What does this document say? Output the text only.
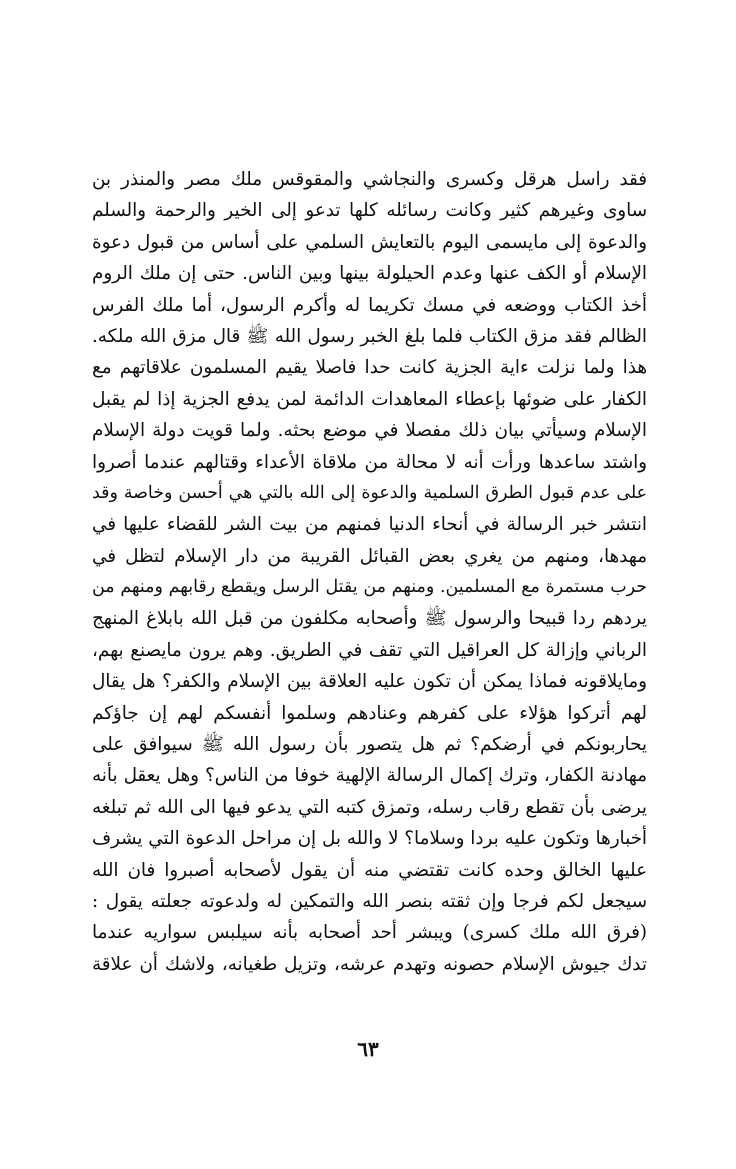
فقد راسل هرقل وكسرى والنجاشي والمقوقس ملك مصر والمنذر بن
ساوى وغيرهم كثير وكانت رسائله كلها تدعو إلى الخير والرحمة والسلم
والدعوة إلى مايسمى اليوم بالتعايش السلمي على أساس من قبول دعوة
الإسلام أو الكف عنها وعدم الحيلولة بينها وبين الناس. حتى إن ملك الروم
أخذ الكتاب ووضعه في مسك تكريما له وأكرم الرسول، أما ملك الفرس
الظالم فقد مزق الكتاب فلما بلغ الخبر رسول الله ﷺ قال مزق الله ملكه.
هذا ولما نزلت ءاية الجزية كانت حدا فاصلا يقيم المسلمون علاقاتهم مع
الكفار على ضوئها بإعطاء المعاهدات الدائمة لمن يدفع الجزية إذا لم يقبل
الإسلام وسيأتي بيان ذلك مفصلا في موضع بحثه. ولما قويت دولة الإسلام
واشتد ساعدها ورأت أنه لا محالة من ملاقاة الأعداء وقتالهم عندما أصروا
على عدم قبول الطرق السلمية والدعوة إلى الله بالتي هي أحسن وخاصة وقد
انتشر خبر الرسالة في أنحاء الدنيا فمنهم من بيت الشر للقضاء عليها في
مهدها، ومنهم من يغري بعض القبائل القريبة من دار الإسلام لتظل في
حرب مستمرة مع المسلمين. ومنهم من يقتل الرسل ويقطع رقابهم ومنهم من
يردهم ردا قبيحا والرسول ﷺ وأصحابه مكلفون من قبل الله بابلاغ المنهج
الرباني وإزالة كل العراقيل التي تقف في الطريق. وهم يرون مايصنع بهم،
ومايلاقونه فماذا يمكن أن تكون عليه العلاقة بين الإسلام والكفر؟ هل يقال
لهم أتركوا هؤلاء على كفرهم وعنادهم وسلموا أنفسكم لهم إن جاؤكم
يحاربونكم في أرضكم؟ ثم هل يتصور بأن رسول الله ﷺ سيوافق على
مهادنة الكفار، وترك إكمال الرسالة الإلهية خوفا من الناس؟ وهل يعقل بأنه
يرضى بأن تقطع رقاب رسله، وتمزق كتبه التي يدعو فيها الى الله ثم تبلغه
أخبارها وتكون عليه بردا وسلاما؟ لا والله بل إن مراحل الدعوة التي يشرف
عليها الخالق وحده كانت تقتضي منه أن يقول لأصحابه أصبروا فان الله
سيجعل لكم فرجا وإن ثقته بنصر الله والتمكين له ولدعوته جعلته يقول :
(فرق الله ملك كسرى) ويبشر أحد أصحابه بأنه سيلبس سواريه عندما
تدك جيوش الإسلام حصونه وتهدم عرشه، وتزيل طغيانه، ولاشك أن علاقة
٦٣
